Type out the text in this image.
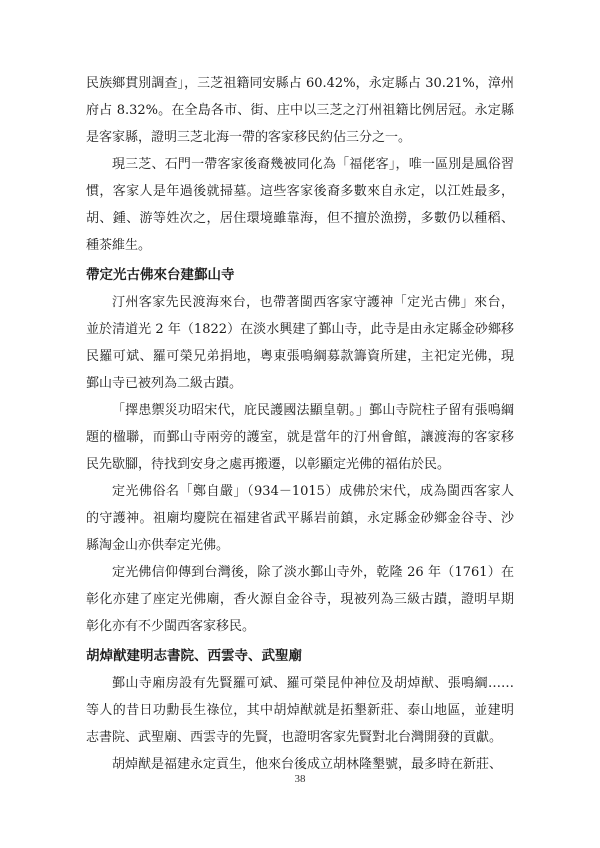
民族鄉貫別調查」，三芝祖籍同安縣占 60.42%，永定縣占 30.21%，漳州府占 8.32%。在全島各市、街、庄中以三芝之汀州祖籍比例居冠。永定縣是客家縣，證明三芝北海一帶的客家移民約佔三分之一。

現三芝、石門一帶客家後裔幾被同化為「福佬客」，唯一區別是風俗習慣，客家人是年過後就掃墓。這些客家後裔多數來自永定，以江姓最多，胡、鍾、游等姓次之，居住環境雖靠海，但不擅於漁撈，多數仍以種稻、種茶維生。

帶定光古佛來台建鄞山寺

汀州客家先民渡海來台，也帶著閩西客家守護神「定光古佛」來台，並於清道光 2 年（1822）在淡水興建了鄞山寺，此寺是由永定縣金砂鄉移民羅可斌、羅可榮兄弟捐地，粵東張鳴綱募款籌資所建，主祀定光佛，現鄞山寺已被列為二級古蹟。

「擇患禦災功昭宋代，庇民護國法顯皇朝。」鄞山寺院柱子留有張鳴綱題的楹聯，而鄞山寺兩旁的護室，就是當年的汀州會館，讓渡海的客家移民先歇腳，待找到安身之處再搬遷，以彰顯定光佛的福佑於民。

定光佛俗名「鄭自嚴」（934－1015）成佛於宋代，成為閩西客家人的守護神。祖廟均慶院在福建省武平縣岩前鎮，永定縣金砂鄉金谷寺、沙縣淘金山亦供奉定光佛。

定光佛信仰傳到台灣後，除了淡水鄞山寺外，乾隆 26 年（1761）在彰化亦建了座定光佛廟，香火源自金谷寺，現被列為三級古蹟，證明早期彰化亦有不少閩西客家移民。

胡焯猷建明志書院、西雲寺、武聖廟

鄞山寺廂房設有先賢羅可斌、羅可榮昆仲神位及胡焯猷、張鳴綱……等人的昔日功勳長生祿位，其中胡焯猷就是拓墾新莊、泰山地區，並建明志書院、武聖廟、西雲寺的先賢，也證明客家先賢對北台灣開發的貢獻。

胡焯猷是福建永定貢生，他來台後成立胡林隆墾號，最多時在新莊、

38
